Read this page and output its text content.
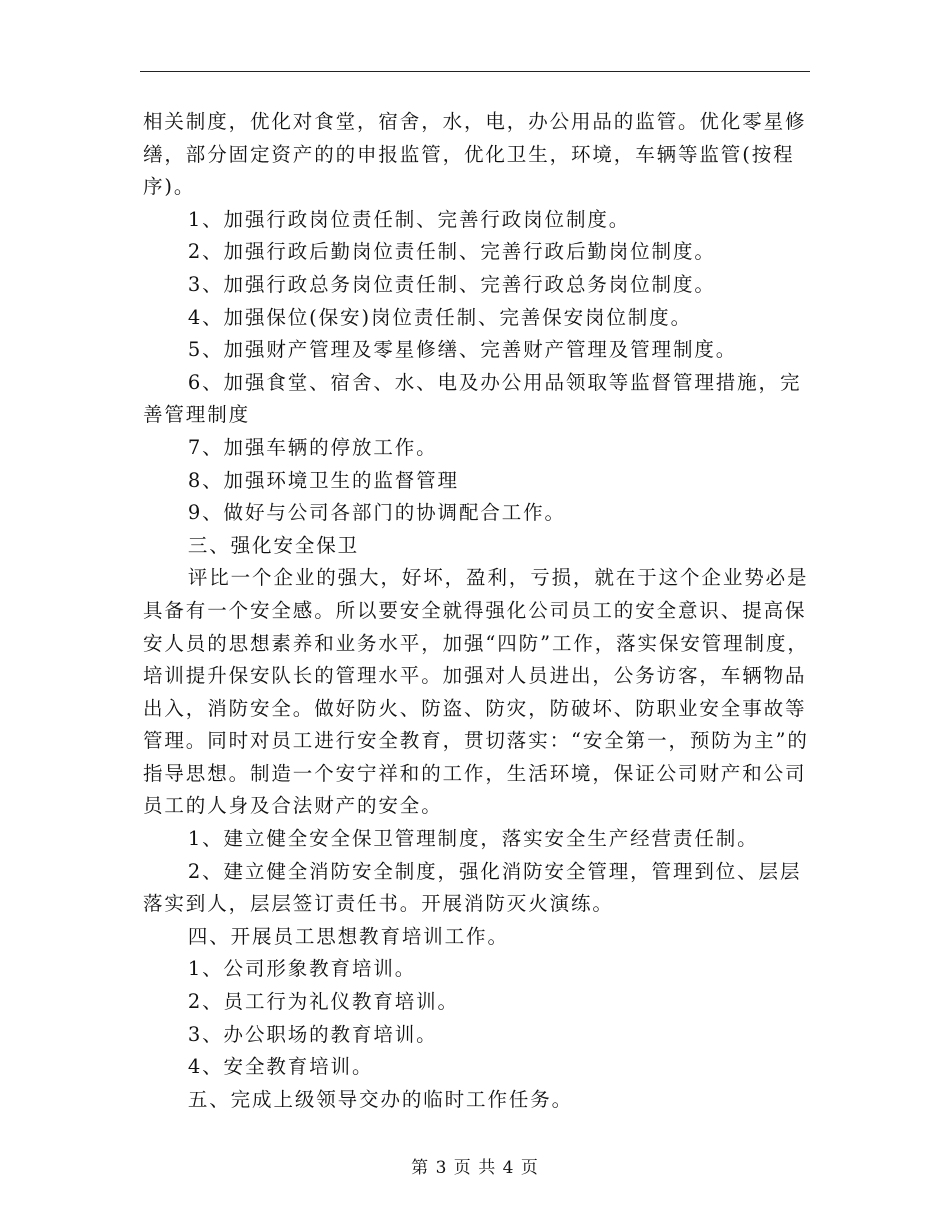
相关制度，优化对食堂，宿舍，水，电，办公用品的监管。优化零星修缮，部分固定资产的的申报监管，优化卫生，环境，车辆等监管(按程序)。

1、加强行政岗位责任制、完善行政岗位制度。

2、加强行政后勤岗位责任制、完善行政后勤岗位制度。

3、加强行政总务岗位责任制、完善行政总务岗位制度。

4、加强保位(保安)岗位责任制、完善保安岗位制度。

5、加强财产管理及零星修缮、完善财产管理及管理制度。

6、加强食堂、宿舍、水、电及办公用品领取等监督管理措施，完善管理制度

7、加强车辆的停放工作。

8、加强环境卫生的监督管理

9、做好与公司各部门的协调配合工作。

三、强化安全保卫

评比一个企业的强大，好坏，盈利，亏损，就在于这个企业势必是具备有一个安全感。所以要安全就得强化公司员工的安全意识、提高保安人员的思想素养和业务水平，加强“四防”工作，落实保安管理制度，培训提升保安队长的管理水平。加强对人员进出，公务访客，车辆物品出入，消防安全。做好防火、防盗、防灾，防破坏、防职业安全事故等管理。同时对员工进行安全教育，贯切落实：“安全第一，预防为主”的指导思想。制造一个安宁祥和的工作，生活环境，保证公司财产和公司员工的人身及合法财产的安全。

1、建立健全安全保卫管理制度，落实安全生产经营责任制。

2、建立健全消防安全制度，强化消防安全管理，管理到位、层层落实到人，层层签订责任书。开展消防灭火演练。

四、开展员工思想教育培训工作。

1、公司形象教育培训。

2、员工行为礼仪教育培训。

3、办公职场的教育培训。

4、安全教育培训。

五、完成上级领导交办的临时工作任务。

第 3 页 共 4 页
